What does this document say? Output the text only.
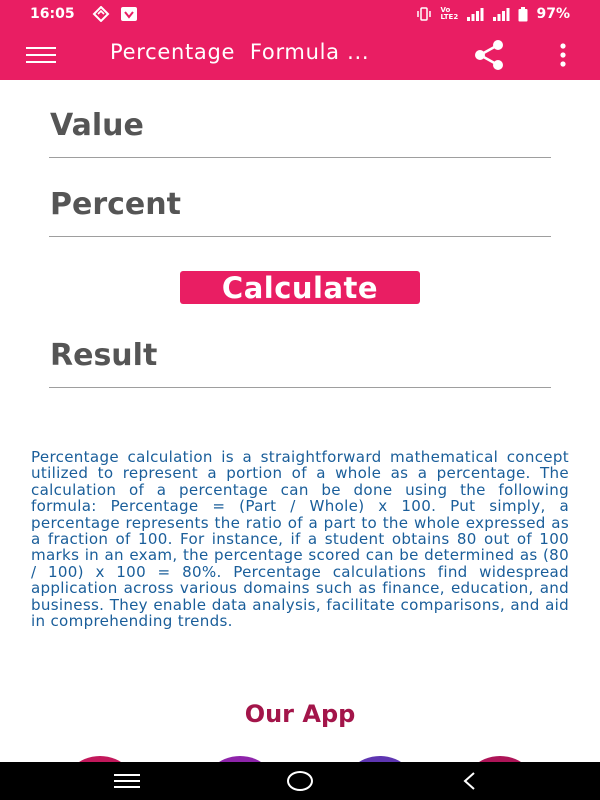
16:05	Vo LTE2	97%
Percentage  Formula ...
Value
Percent
Calculate
Result
Percentage calculation is a straightforward mathematical concept utilized to represent a portion of a whole as a percentage. The calculation of a percentage can be done using the following formula: Percentage = (Part / Whole) x 100. Put simply, a percentage represents the ratio of a part to the whole expressed as a fraction of 100. For instance, if a student obtains 80 out of 100 marks in an exam, the percentage scored can be determined as (80 / 100) x 100 = 80%. Percentage calculations find widespread application across various domains such as finance, education, and business. They enable data analysis, facilitate comparisons, and aid in comprehending trends.
Our App
